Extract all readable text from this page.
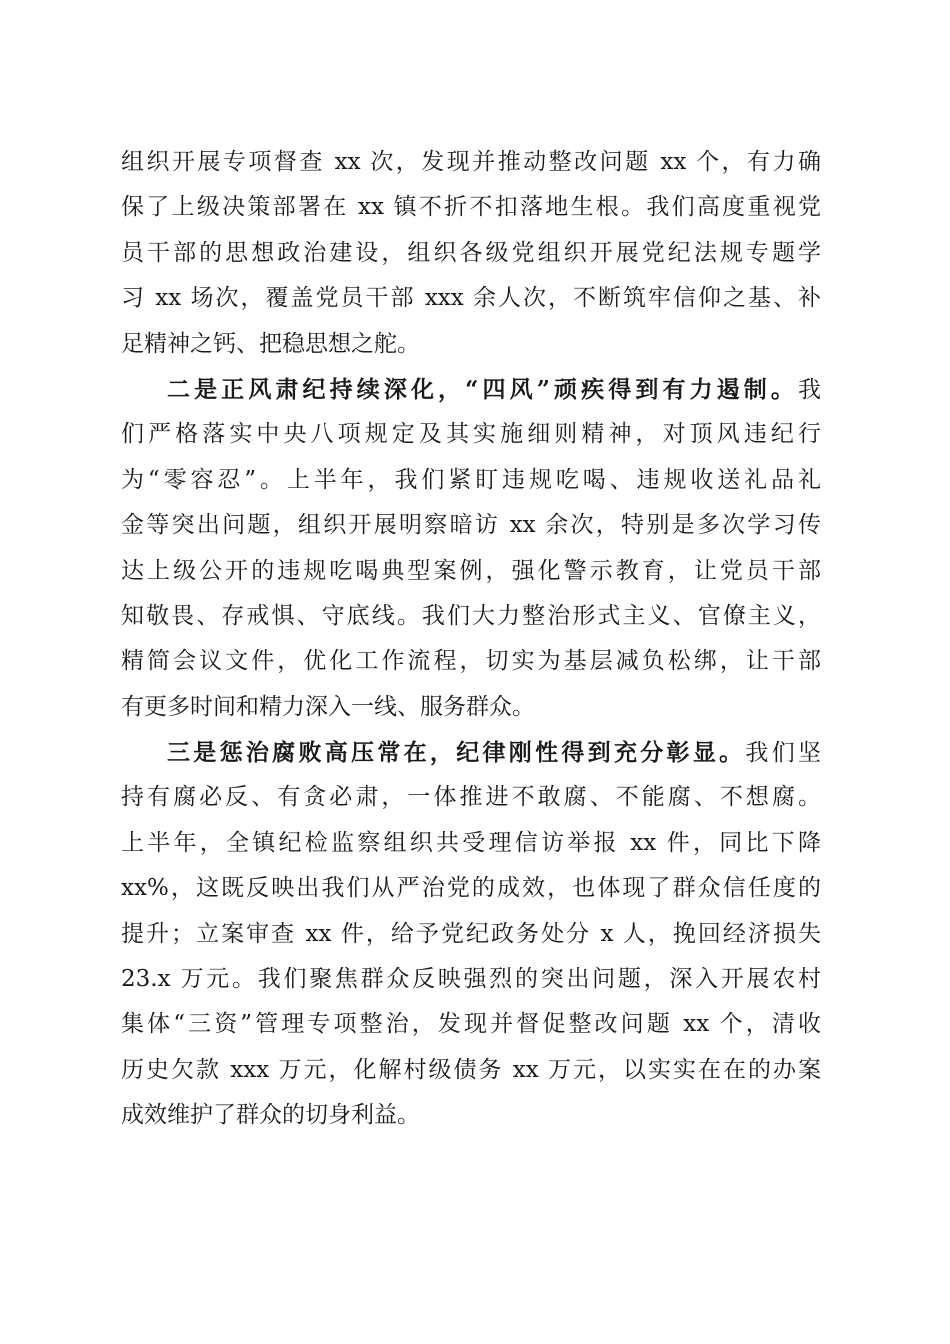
组织开展专项督查 xx 次，发现并推动整改问题 xx 个，有力确
保了上级决策部署在 xx 镇不折不扣落地生根。我们高度重视党
员干部的思想政治建设，组织各级党组织开展党纪法规专题学
习 xx 场次，覆盖党员干部 xxx 余人次，不断筑牢信仰之基、补
足精神之钙、把稳思想之舵。
二是正风肃纪持续深化，“四风”顽疾得到有力遏制。我
们严格落实中央八项规定及其实施细则精神，对顶风违纪行
为“零容忍”。上半年，我们紧盯违规吃喝、违规收送礼品礼
金等突出问题，组织开展明察暗访 xx 余次，特别是多次学习传
达上级公开的违规吃喝典型案例，强化警示教育，让党员干部
知敬畏、存戒惧、守底线。我们大力整治形式主义、官僚主义，
精简会议文件，优化工作流程，切实为基层减负松绑，让干部
有更多时间和精力深入一线、服务群众。
三是惩治腐败高压常在，纪律刚性得到充分彰显。我们坚
持有腐必反、有贪必肃，一体推进不敢腐、不能腐、不想腐。
上半年，全镇纪检监察组织共受理信访举报 xx 件，同比下降
xx%，这既反映出我们从严治党的成效，也体现了群众信任度的
提升；立案审查 xx 件，给予党纪政务处分 x 人，挽回经济损失
23.x 万元。我们聚焦群众反映强烈的突出问题，深入开展农村
集体“三资”管理专项整治，发现并督促整改问题 xx 个，清收
历史欠款 xxx 万元，化解村级债务 xx 万元，以实实在在的办案
成效维护了群众的切身利益。
